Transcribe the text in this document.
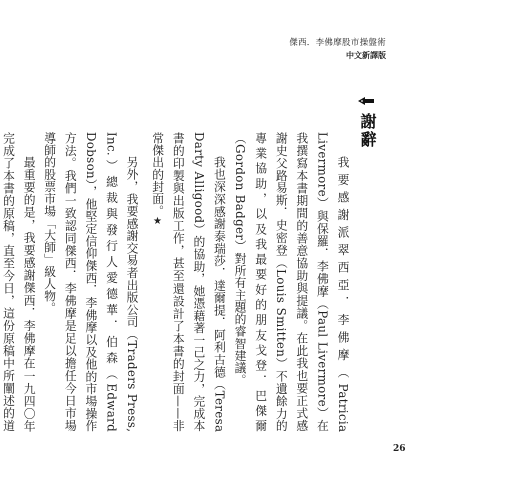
傑西．李佛摩股市操盤術
中文新譯版
謝辭

我要感謝派翠西亞．李佛摩（Patricia Livermore）與保羅．李佛摩（Paul Livermore）在我撰寫本書期間的善意協助與提議。在此我也要正式感謝史父路易斯．史密登（Louis Smitten）不遺餘力的專業協助，以及我最要好的朋友戈登．巴傑爾（Gordon Badger）對所有主題的睿智建議。

我也深深感謝泰瑞莎．達爾提．阿利古德（Teresa Darty Alligood）的協助，她憑藉著一己之力，完成本書的印製與出版工作，甚至還設計了本書的封面——非常傑出的封面。★

另外，我要感謝交易者出版公司（Traders Press, Inc.）總裁與發行人愛德華．伯森（Edward Dobson），他堅定信仰傑西．李佛摩以及他的市場操作方法。我們一致認同傑西．李佛摩是足以擔任今日市場導師的股票市場「大師」級人物。

最重要的是，我要感謝傑西．李佛摩在一九四〇年完成了本書的原稿，直至今日，這份原稿中所闡述的道

26
